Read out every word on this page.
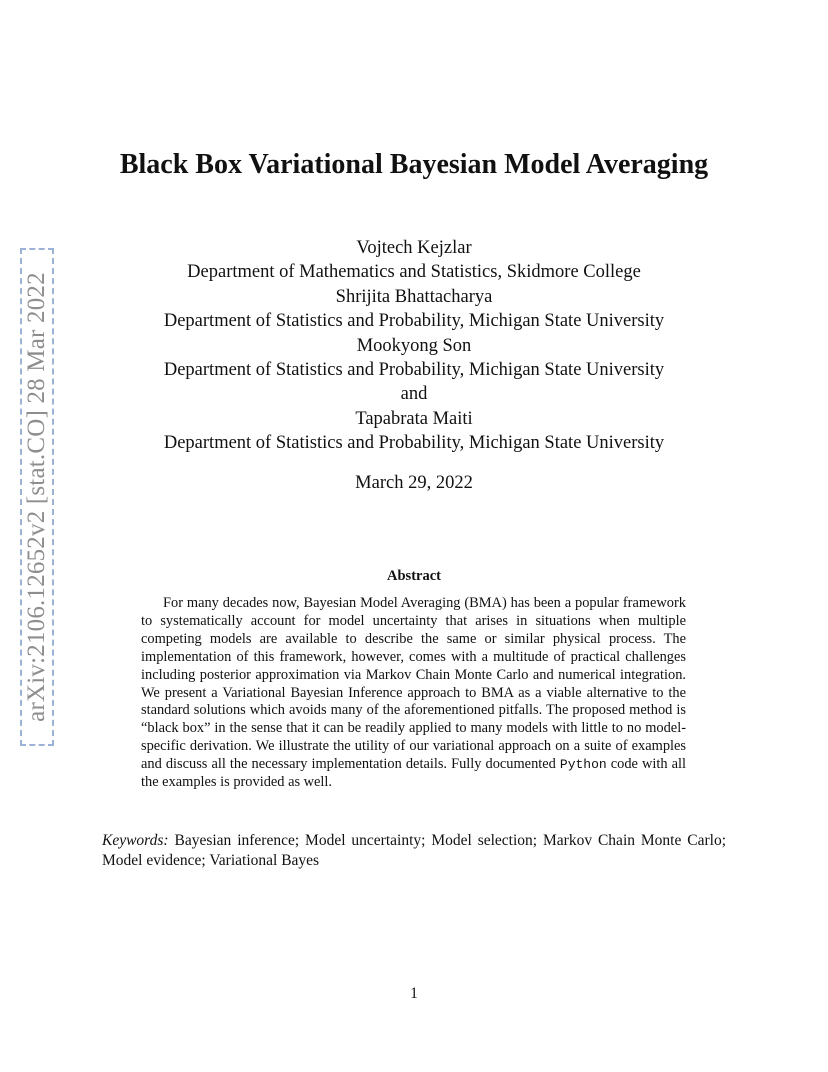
arXiv:2106.12652v2 [stat.CO] 28 Mar 2022
Black Box Variational Bayesian Model Averaging
Vojtech Kejzlar
Department of Mathematics and Statistics, Skidmore College
Shrijita Bhattacharya
Department of Statistics and Probability, Michigan State University
Mookyong Son
Department of Statistics and Probability, Michigan State University
and
Tapabrata Maiti
Department of Statistics and Probability, Michigan State University
March 29, 2022
Abstract

For many decades now, Bayesian Model Averaging (BMA) has been a popular framework to systematically account for model uncertainty that arises in situations when multiple competing models are available to describe the same or similar physical process. The implementation of this framework, however, comes with a multitude of practical challenges including posterior approximation via Markov Chain Monte Carlo and numerical integration. We present a Variational Bayesian Inference approach to BMA as a viable alternative to the standard solutions which avoids many of the aforementioned pitfalls. The proposed method is “black box” in the sense that it can be readily applied to many models with little to no model-specific derivation. We illustrate the utility of our variational approach on a suite of examples and discuss all the necessary implementation details. Fully documented Python code with all the examples is provided as well.

Keywords: Bayesian inference; Model uncertainty; Model selection; Markov Chain Monte Carlo; Model evidence; Variational Bayes

1
